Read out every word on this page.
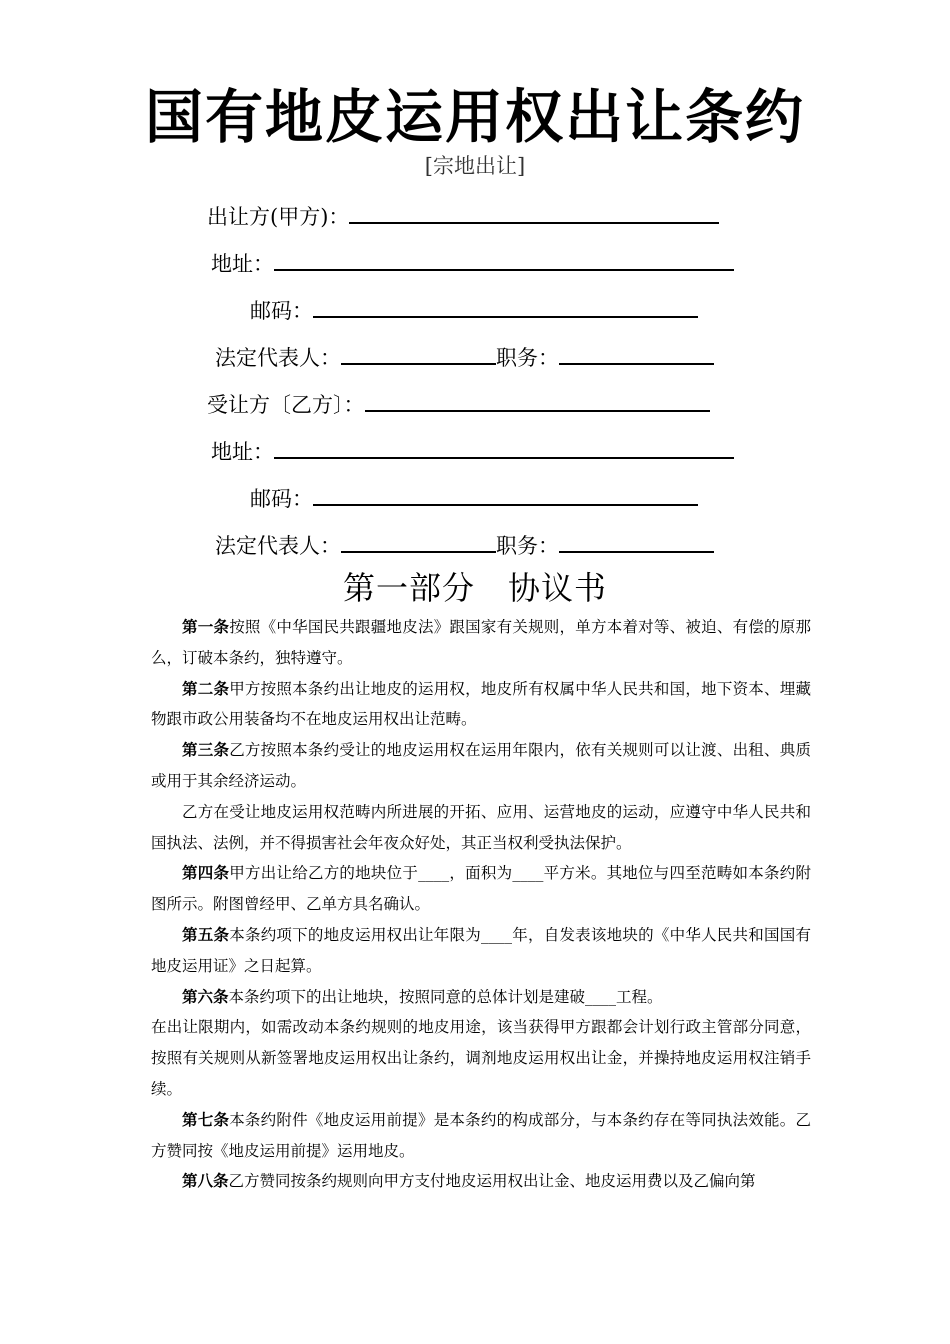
国有地皮运用权出让条约
[宗地出让]
出让方(甲方)：
地址：
邮码：
法定代表人：	职务：
受让方〔乙方〕：
地址：
邮码：
法定代表人：	职务：
第一部分　协议书

第一条按照《中华国民共跟疆地皮法》跟国家有关规则，单方本着对等、被迫、有偿的原那么，订破本条约，独特遵守。

第二条甲方按照本条约出让地皮的运用权，地皮所有权属中华人民共和国，地下资本、埋藏物跟市政公用装备均不在地皮运用权出让范畴。

第三条乙方按照本条约受让的地皮运用权在运用年限内，依有关规则可以让渡、出租、典质或用于其余经济运动。

乙方在受让地皮运用权范畴内所进展的开拓、应用、运营地皮的运动，应遵守中华人民共和国执法、法例，并不得损害社会年夜众好处，其正当权利受执法保护。

第四条甲方出让给乙方的地块位于____，面积为____平方米。其地位与四至范畴如本条约附图所示。附图曾经甲、乙单方具名确认。

第五条本条约项下的地皮运用权出让年限为____年，自发表该地块的《中华人民共和国国有地皮运用证》之日起算。

第六条本条约项下的出让地块，按照同意的总体计划是建破____工程。

在出让限期内，如需改动本条约规则的地皮用途，该当获得甲方跟都会计划行政主管部分同意，按照有关规则从新签署地皮运用权出让条约，调剂地皮运用权出让金，并操持地皮运用权注销手续。

第七条本条约附件《地皮运用前提》是本条约的构成部分，与本条约存在等同执法效能。乙方赞同按《地皮运用前提》运用地皮。

第八条乙方赞同按条约规则向甲方支付地皮运用权出让金、地皮运用费以及乙偏向第
